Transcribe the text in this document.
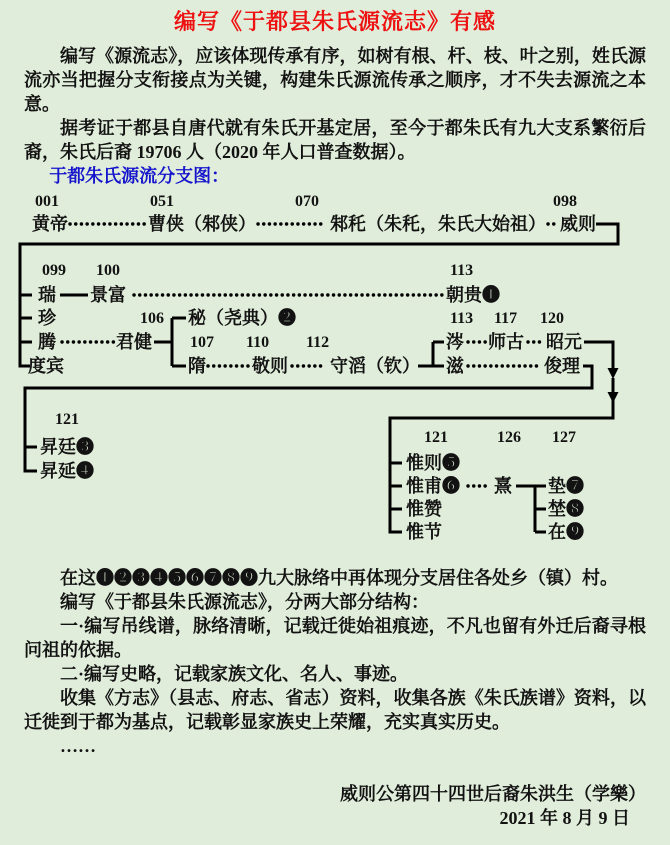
编写《于都县朱氏源流志》有感

编写《源流志》，应该体现传承有序，如树有根、杆、枝、叶之别，姓氏源流亦当把握分支衔接点为关键，构建朱氏源流传承之顺序，才不失去源流之本意。

据考证于都县自唐代就有朱氏开基定居，至今于都朱氏有九大支系繁衍后裔，朱氏后裔 19706 人（2020 年人口普查数据）。

于都朱氏源流分支图：

001	051	070	098
黄帝	曹侠（邾侠）	邾秅（朱秅，朱氏大始祖） 威则
099 100	113
瑞 景富	朝贵❶
珍	106 秘（尧典）❷	113 117 120
腾	君健 107 110 112	涔 师古 昭元
度宾	隋	敬则 守滔（钦） 滋	俊理
121
昇廷❸
昇延❹
121	126 127
惟则❺
惟甫❻ 熹 垫❼
惟赞	埜❽
惟节	在❾

在这❶❷❸❹❺❻❼❽❾九大脉络中再体现分支居住各处乡（镇）村。

编写《于都县朱氏源流志》，分两大部分结构：

一·编写吊线谱，脉络清晰，记载迁徙始祖痕迹，不凡也留有外迁后裔寻根问祖的依据。

二·编写史略，记载家族文化、名人、事迹。

收集《方志》（县志、府志、省志）资料，收集各族《朱氏族谱》资料，以迁徙到于都为基点，记载彰显家族史上荣耀，充实真实历史。

……

威则公第四十四世后裔朱洪生（学樂）

2021 年 8 月 9 日
